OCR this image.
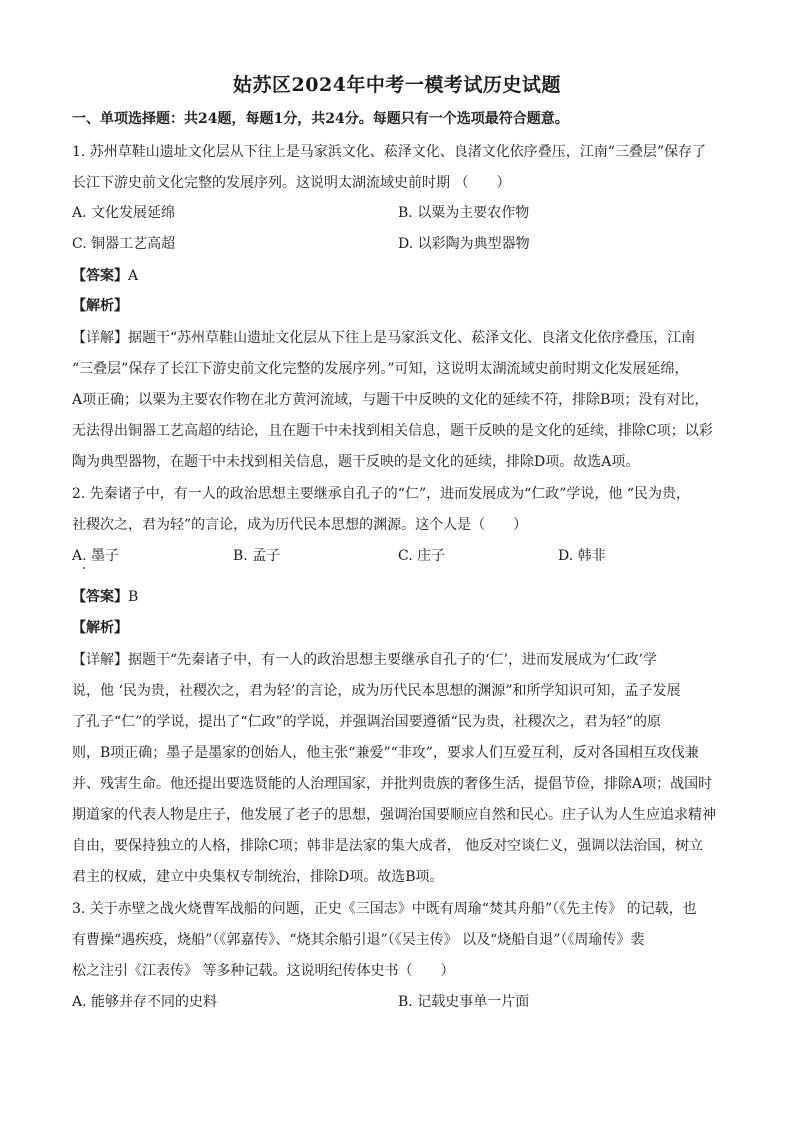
姑苏区2024年中考一模考试历史试题
一、单项选择题：共24题，每题1分，共24分。每题只有一个选项最符合题意。
1. 苏州草鞋山遗址文化层从下往上是马家浜文化、菘泽文化、良渚文化依序叠压，江南“三叠层”保存了
长江下游史前文化完整的发展序列。这说明太湖流域史前时期 （　　）
A. 文化发展延绵	B. 以粟为主要农作物
C. 铜器工艺高超	D. 以彩陶为典型器物
【答案】A
【解析】
【详解】据题干“苏州草鞋山遗址文化层从下往上是马家浜文化、菘泽文化、良渚文化依序叠压，江南
“三叠层”保存了长江下游史前文化完整的发展序列。”可知，这说明太湖流域史前时期文化发展延绵，
A项正确；以粟为主要农作物在北方黄河流域，与题干中反映的文化的延续不符，排除B项；没有对比，
无法得出铜器工艺高超的结论，且在题干中未找到相关信息，题干反映的是文化的延续，排除C项；以彩
陶为典型器物，在题干中未找到相关信息，题干反映的是文化的延续，排除D项。故选A项。
2. 先秦诸子中，有一人的政治思想主要继承自孔子的“仁”，进而发展成为“仁政”学说，他 “民为贵，
社稷次之，君为轻”的言论，成为历代民本思想的渊源。这个人是（　　）
A. 墨子	B. 孟子	C. 庄子	D. 韩非
【答案】B
【解析】
【详解】据题干“先秦诸子中，有一人的政治思想主要继承自孔子的‘仁’，进而发展成为‘仁政’学
说，他 ‘民为贵，社稷次之，君为轻’的言论，成为历代民本思想的渊源”和所学知识可知，孟子发展
了孔子“仁”的学说，提出了“仁政”的学说，并强调治国要遵循“民为贵，社稷次之，君为轻”的原
则，B项正确；墨子是墨家的创始人，他主张“兼爱”“非攻”，要求人们互爱互利，反对各国相互攻伐兼
并、残害生命。他还提出要选贤能的人治理国家，并批判贵族的奢侈生活，提倡节俭，排除A项；战国时
期道家的代表人物是庄子，他发展了老子的思想，强调治国要顺应自然和民心。庄子认为人生应追求精神
自由，要保持独立的人格，排除C项；韩非是法家的集大成者， 他反对空谈仁义，强调以法治国，树立
君主的权威，建立中央集权专制统治，排除D项。故选B项。
3. 关于赤壁之战火烧曹军战船的问题，正史《三国志》中既有周瑜“焚其舟船”（《先主传》 的记载，也
有曹操“遇疾疫，烧船”（《郭嘉传》、“烧其余船引退”（《吴主传》 以及“烧船自退”（《周瑜传》裴
松之注引《江表传》 等多种记载。这说明纪传体史书（　　）
A. 能够并存不同的史料	B. 记载史事单一片面
